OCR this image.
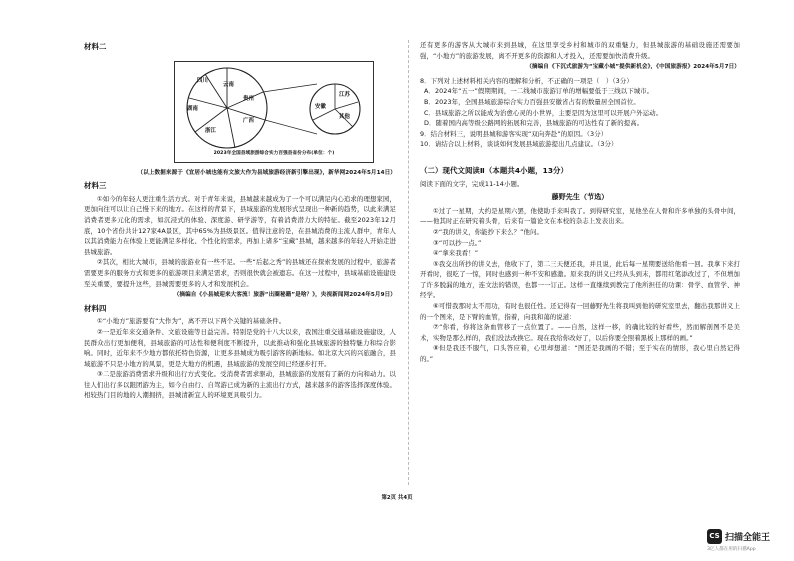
材料二
四川
湖南
云南
贵州
广西
浙江
江苏
其他
安徽
2023年全国县域旅游综合实力百强县省份分布(单位：个)
（以上数据来源于《宜居小城也能有文旅大作为县域旅游经济新引擎出现》，新华网2024年5月14日）
材料三

①如今的年轻人更注重生活方式。对于青年来说，县城越来越成为了一个可以满足内心追求的理想家园，更加向往可以让自己慢下来的地方。在这样的背景下，县域旅游的发展形式呈现出一种新的趋势，以此来满足消费者更多元化的需求，如沉浸式的体验、深度游、研学游等，有着消费潜力大的特征。截至2023年12月底，10个省份共计127家4A景区，其中65%为县级景区。值得注意的是，在县城消费的主流人群中，青年人以其消费能力在体验上更能满足多样化、个性化的需求，再加上诸多“宝藏”县城，越来越多的年轻人开始走进县城旅游。

②其次，相比大城市，县城的旅游业有一些不足。一些“后起之秀”的县城还在探索发展的过程中，旅游者需要更多的服务方式和更多的旅游项目来满足需求，否则很快就会被遗忘。在这一过程中，县域基础设施建设至关重要，要提升这些，县城需要更多的人才和发展机会。

（摘编自《小县城迎来大客流！旅游“出圈秘籍”是啥？》，央视新闻网2024年5月9日）
材料四

①“小地方”旅游要有“大作为”，离不开以下两个关键的基础条件。

②一是近年来交通条件、文旅设施等日益完善。特别是党的十八大以来，我国注重交通基础设施建设，人民群众出行更加便利，县域旅游的可达性和便利度不断提升，以此推动和强化县城旅游的独特魅力和综合影响。同时，近年来不少地方都依托特色资源，让更多县城成为吸引游客的新地标。如北京大兴的兴旅融合，县域旅游不只是小地方的风景，更是大地方的机遇，县域旅游的发展空间已经逐步打开。

③二是旅游消费需求升级和出行方式变化。受消费者需求驱动，县城旅游的发展有了新的方向和动力。以往人们出行多以跟团游为主，如今自由行、自驾游已成为新的主流出行方式，越来越多的游客选择深度体验。相较热门目的地的人潮拥挤，县城清新宜人的环境更具吸引力。

还有更多的游客从大城市来到县城，在这里享受乡村和城市的双重魅力，但县城旅游的基础设施还需要加强，“小地方”的旅游发展，离不开更多的资源和人才投入，还需要加快消费升级。

（摘编自《下沉式旅游为“宝藏小城”提供新机会》，《中国旅游报》2024年5月7日）

8．下列对上述材料相关内容的理解和分析，不正确的一项是（　）（3分）

A．2024年“五一”假期期间，一二线城市旅游订单的增幅要低于三线以下城市。

B．2023年，全国县域旅游综合实力百强县安徽省占有的数量居全国首位。

C．县域旅游之所以能成为治愈心灵的小世界，主要是因为这里可以开展户外运动。

D．随着国内高等级公路网的拓展和完善，县城旅游的可达性有了新的提高。

9．结合材料三，说明县城和游客实现“双向奔赴”的原因。（3分）

10．请结合以上材料，谈谈如何发展县域旅游提出几点建议。（3分）

（二）现代文阅读Ⅱ（本题共4小题，13分）

阅读下面的文字，完成11-14小题。

藤野先生（节选）

①过了一星期，大约是星期六罢，他使助手来叫我了。到得研究室，见他坐在人骨和许多单独的头骨中间，——他其时正在研究着头骨，后来有一篇论文在本校的杂志上发表出来。

②“我的讲义，你能抄下来么？”他问。

③“可以抄一点。”

④“拿来我看！”

⑤我交出所抄的讲义去，他收下了，第二三天便还我，并且说，此后每一星期要送给他看一回。我拿下来打开看时，很吃了一惊，同时也感到一种不安和感激。原来我的讲义已经从头到末，都用红笔添改过了，不但增加了许多脱漏的地方，连文法的错误，也都一一订正。这样一直继续到教完了他所担任的功课：骨学、血管学、神经学。

⑥可惜我那时太不用功，有时也很任性。还记得有一回藤野先生将我叫到他的研究室里去，翻出我那讲义上的一个图来，是下臂的血管，指着，向我和蔼的说道：

⑦“你看，你将这条血管移了一点位置了。——自然，这样一移，的确比较的好看些，然而解剖图不是美术，实物是那么样的，我们没法改换它。现在我给你改好了，以后你要全照着黑板上那样的画。”

⑧但是我还不服气，口头答应着，心里却想道：“图还是我画的不错；至于实在的情形，我心里自然记得的。”

第2页 共4页
CS 扫描全能王
3亿人都在用的扫描App
